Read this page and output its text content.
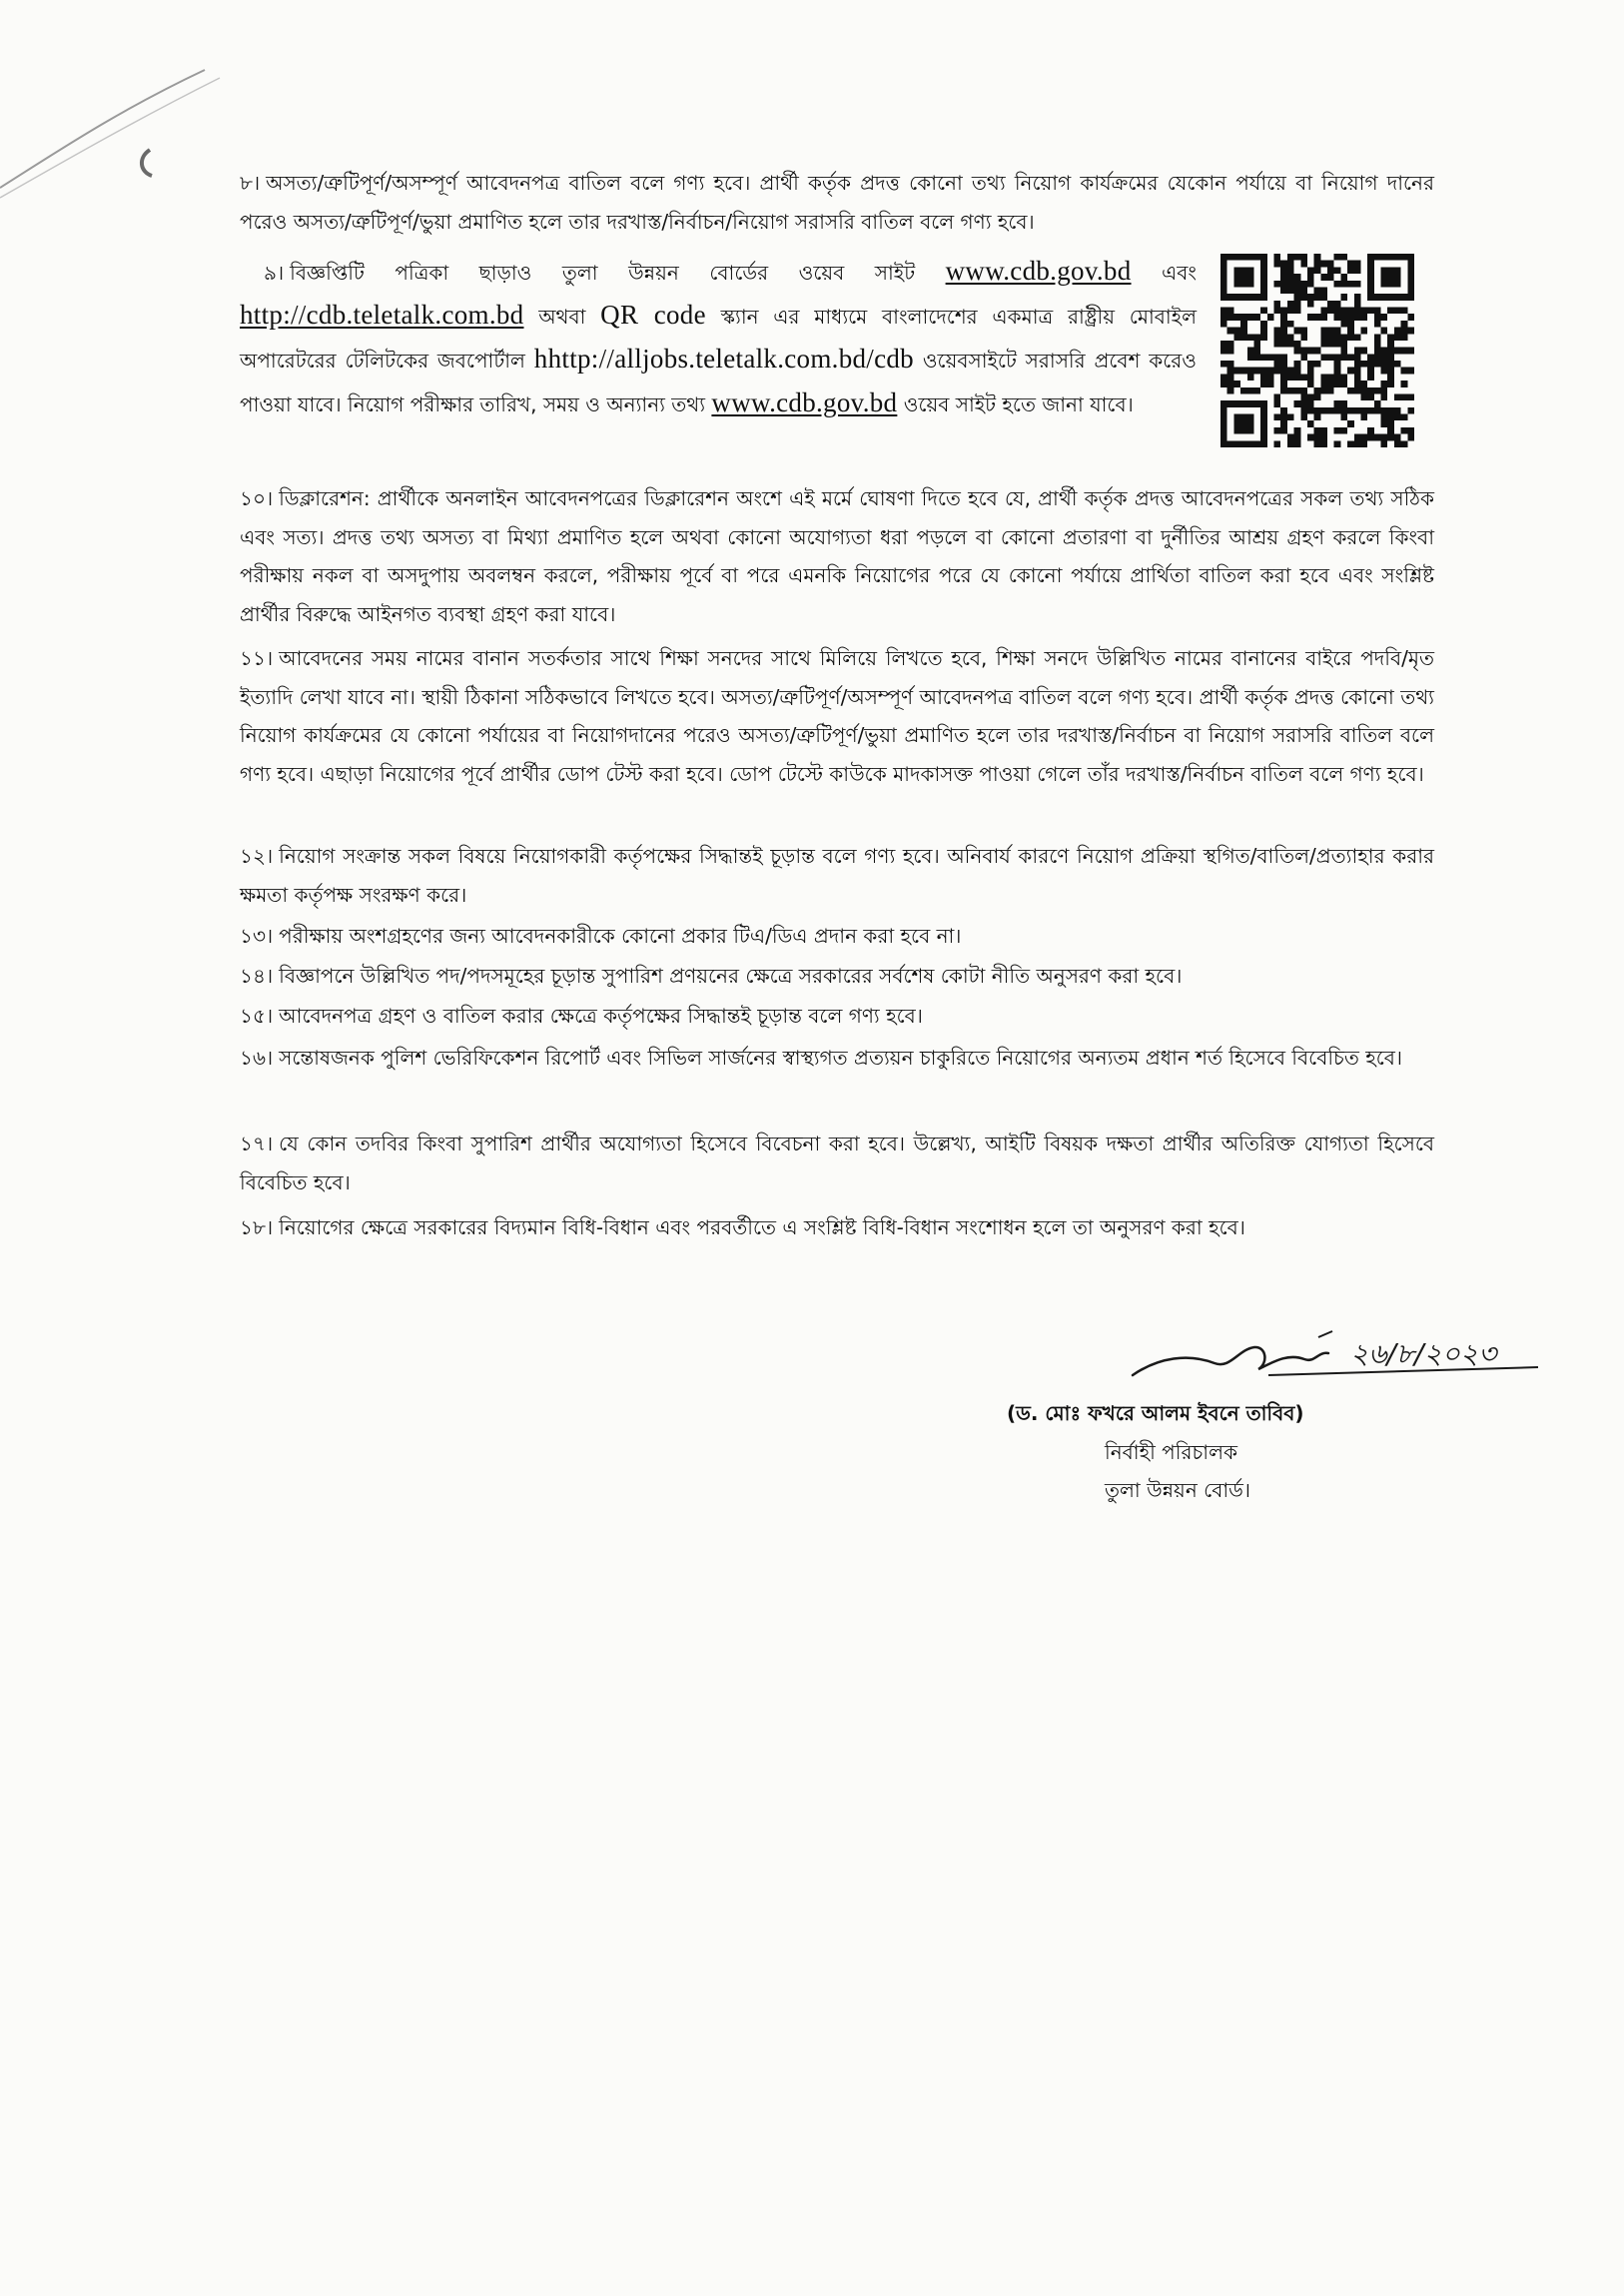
৮। অসত্য/ত্রুটিপূর্ণ/অসম্পূর্ণ আবেদনপত্র বাতিল বলে গণ্য হবে। প্রার্থী কর্তৃক প্রদত্ত কোনো তথ্য নিয়োগ কার্যক্রমের যেকোন পর্যায়ে বা নিয়োগ দানের পরেও অসত্য/ত্রুটিপূর্ণ/ভুয়া প্রমাণিত হলে তার দরখাস্ত/নির্বাচন/নিয়োগ সরাসরি বাতিল বলে গণ্য হবে।
৯। বিজ্ঞপ্তিটি পত্রিকা ছাড়াও তুলা উন্নয়ন বোর্ডের ওয়েব সাইট www.cdb.gov.bd এবং http://cdb.teletalk.com.bd অথবা QR code স্ক্যান এর মাধ্যমে বাংলাদেশের একমাত্র রাষ্ট্রীয় মোবাইল অপারেটরের টেলিটকের জবপোর্টাল hhttp://alljobs.teletalk.com.bd/cdb ওয়েবসাইটে সরাসরি প্রবেশ করেও পাওয়া যাবে। নিয়োগ পরীক্ষার তারিখ, সময় ও অন্যান্য তথ্য www.cdb.gov.bd ওয়েব সাইট হতে জানা যাবে।
১০। ডিক্লারেশন: প্রার্থীকে অনলাইন আবেদনপত্রের ডিক্লারেশন অংশে এই মর্মে ঘোষণা দিতে হবে যে, প্রার্থী কর্তৃক প্রদত্ত আবেদনপত্রের সকল তথ্য সঠিক এবং সত্য। প্রদত্ত তথ্য অসত্য বা মিথ্যা প্রমাণিত হলে অথবা কোনো অযোগ্যতা ধরা পড়লে বা কোনো প্রতারণা বা দুর্নীতির আশ্রয় গ্রহণ করলে কিংবা পরীক্ষায় নকল বা অসদুপায় অবলম্বন করলে, পরীক্ষায় পূর্বে বা পরে এমনকি নিয়োগের পরে যে কোনো পর্যায়ে প্রার্থিতা বাতিল করা হবে এবং সংশ্লিষ্ট প্রার্থীর বিরুদ্ধে আইনগত ব্যবস্থা গ্রহণ করা যাবে।
১১। আবেদনের সময় নামের বানান সতর্কতার সাথে শিক্ষা সনদের সাথে মিলিয়ে লিখতে হবে, শিক্ষা সনদে উল্লিখিত নামের বানানের বাইরে পদবি/মৃত ইত্যাদি লেখা যাবে না। স্থায়ী ঠিকানা সঠিকভাবে লিখতে হবে। অসত্য/ত্রুটিপূর্ণ/অসম্পূর্ণ আবেদনপত্র বাতিল বলে গণ্য হবে। প্রার্থী কর্তৃক প্রদত্ত কোনো তথ্য নিয়োগ কার্যক্রমের যে কোনো পর্যায়ের বা নিয়োগদানের পরেও অসত্য/ত্রুটিপূর্ণ/ভুয়া প্রমাণিত হলে তার দরখাস্ত/নির্বাচন বা নিয়োগ সরাসরি বাতিল বলে গণ্য হবে। এছাড়া নিয়োগের পূর্বে প্রার্থীর ডোপ টেস্ট করা হবে। ডোপ টেস্টে কাউকে মাদকাসক্ত পাওয়া গেলে তাঁর দরখাস্ত/নির্বাচন বাতিল বলে গণ্য হবে।
১২। নিয়োগ সংক্রান্ত সকল বিষয়ে নিয়োগকারী কর্তৃপক্ষের সিদ্ধান্তই চূড়ান্ত বলে গণ্য হবে। অনিবার্য কারণে নিয়োগ প্রক্রিয়া স্থগিত/বাতিল/প্রত্যাহার করার ক্ষমতা কর্তৃপক্ষ সংরক্ষণ করে।
১৩। পরীক্ষায় অংশগ্রহণের জন্য আবেদনকারীকে কোনো প্রকার টিএ/ডিএ প্রদান করা হবে না।
১৪। বিজ্ঞাপনে উল্লিখিত পদ/পদসমূহের চূড়ান্ত সুপারিশ প্রণয়নের ক্ষেত্রে সরকারের সর্বশেষ কোটা নীতি অনুসরণ করা হবে।
১৫। আবেদনপত্র গ্রহণ ও বাতিল করার ক্ষেত্রে কর্তৃপক্ষের সিদ্ধান্তই চূড়ান্ত বলে গণ্য হবে।
১৬। সন্তোষজনক পুলিশ ভেরিফিকেশন রিপোর্ট এবং সিভিল সার্জনের স্বাস্থ্যগত প্রত্যয়ন চাকুরিতে নিয়োগের অন্যতম প্রধান শর্ত হিসেবে বিবেচিত হবে।
১৭। যে কোন তদবির কিংবা সুপারিশ প্রার্থীর অযোগ্যতা হিসেবে বিবেচনা করা হবে। উল্লেখ্য, আইটি বিষয়ক দক্ষতা প্রার্থীর অতিরিক্ত যোগ্যতা হিসেবে বিবেচিত হবে।
১৮। নিয়োগের ক্ষেত্রে সরকারের বিদ্যমান বিধি-বিধান এবং পরবর্তীতে এ সংশ্লিষ্ট বিধি-বিধান সংশোধন হলে তা অনুসরণ করা হবে।
২৬/৮/২০২৩
(ড. মোঃ ফখরে আলম ইবনে তাবিব)
নির্বাহী পরিচালক
তুলা উন্নয়ন বোর্ড।
